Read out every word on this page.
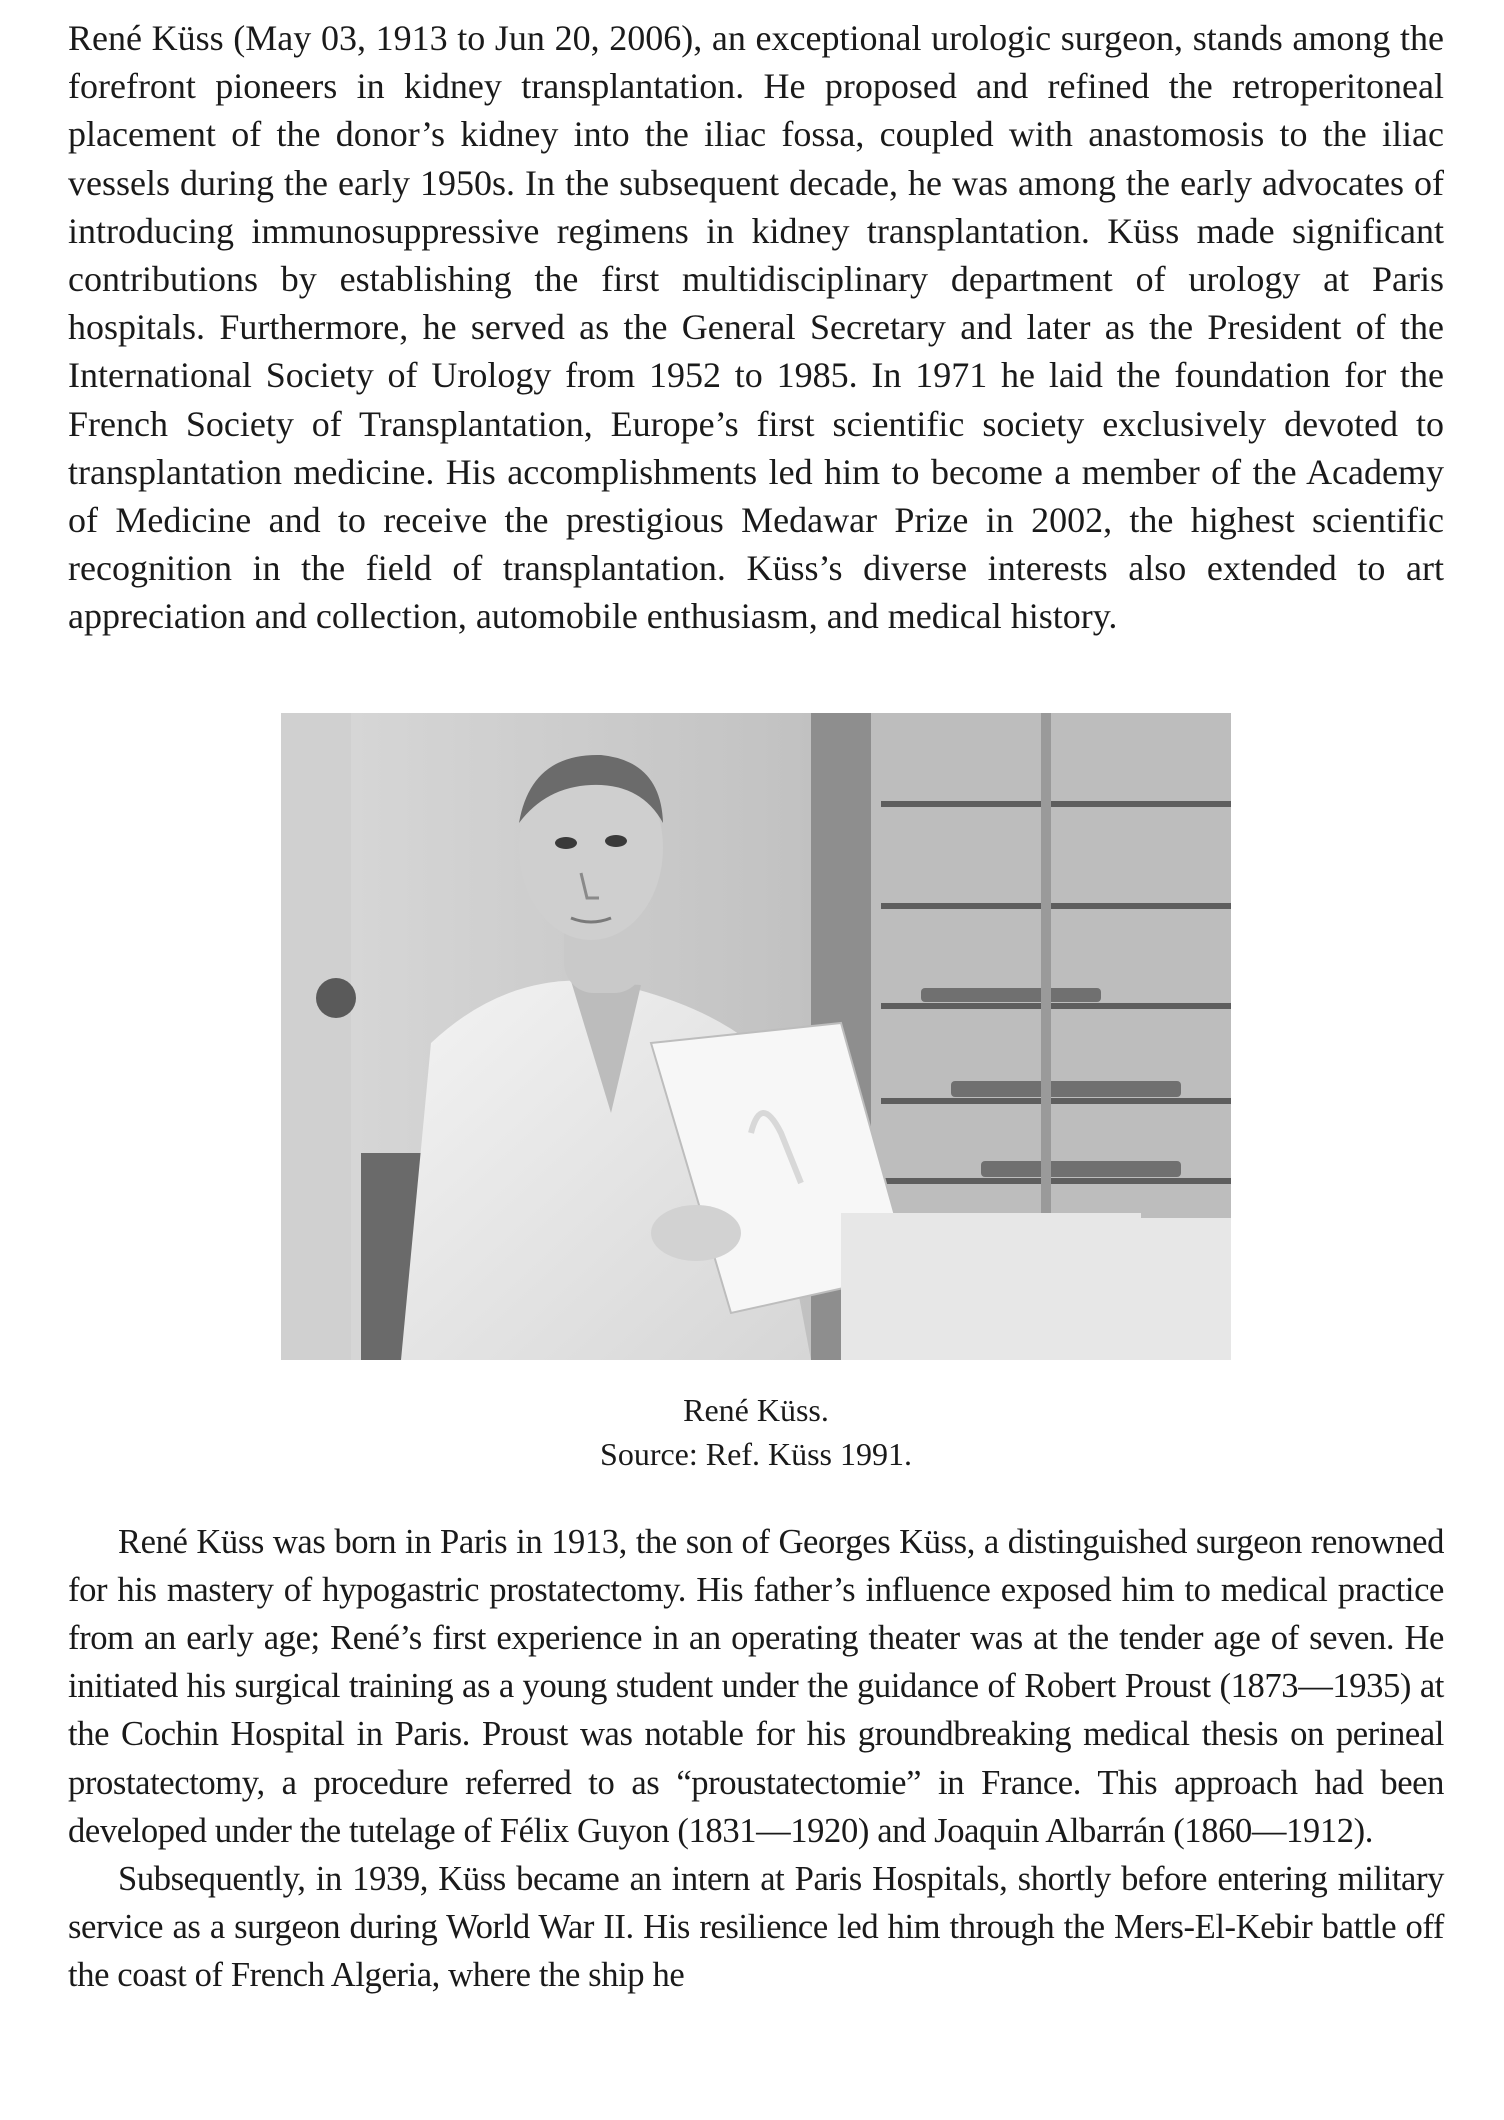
René Küss (May 03, 1913 to Jun 20, 2006), an exceptional urologic surgeon, stands among the forefront pioneers in kidney transplantation. He proposed and refined the retroperitoneal placement of the donor’s kidney into the iliac fossa, coupled with anastomosis to the iliac vessels during the early 1950s. In the subsequent decade, he was among the early advocates of introducing immunosuppressive regimens in kidney transplantation. Küss made significant contributions by establishing the first multidisciplinary department of urology at Paris hospitals. Furthermore, he served as the General Secretary and later as the President of the International Society of Urology from 1952 to 1985. In 1971 he laid the foundation for the French Society of Transplantation, Europe’s first scientific society exclusively devoted to transplantation medicine. His accomplishments led him to become a member of the Academy of Medicine and to receive the prestigious Medawar Prize in 2002, the highest scientific recognition in the field of transplantation. Küss’s diverse interests also extended to art appreciation and collection, automobile enthusiasm, and medical history.

René Küss.
Source: Ref. Küss 1991.

René Küss was born in Paris in 1913, the son of Georges Küss, a distinguished surgeon renowned for his mastery of hypogastric prostatectomy. His father’s influence exposed him to medical practice from an early age; René’s first experience in an operating theater was at the tender age of seven. He initiated his surgical training as a young student under the guidance of Robert Proust (1873—1935) at the Cochin Hospital in Paris. Proust was notable for his groundbreaking medical thesis on perineal prostatectomy, a procedure referred to as “proustatectomie” in France. This approach had been developed under the tutelage of Félix Guyon (1831—1920) and Joaquin Albarrán (1860—1912).

Subsequently, in 1939, Küss became an intern at Paris Hospitals, shortly before entering military service as a surgeon during World War II. His resilience led him through the Mers-El-Kebir battle off the coast of French Algeria, where the ship he
